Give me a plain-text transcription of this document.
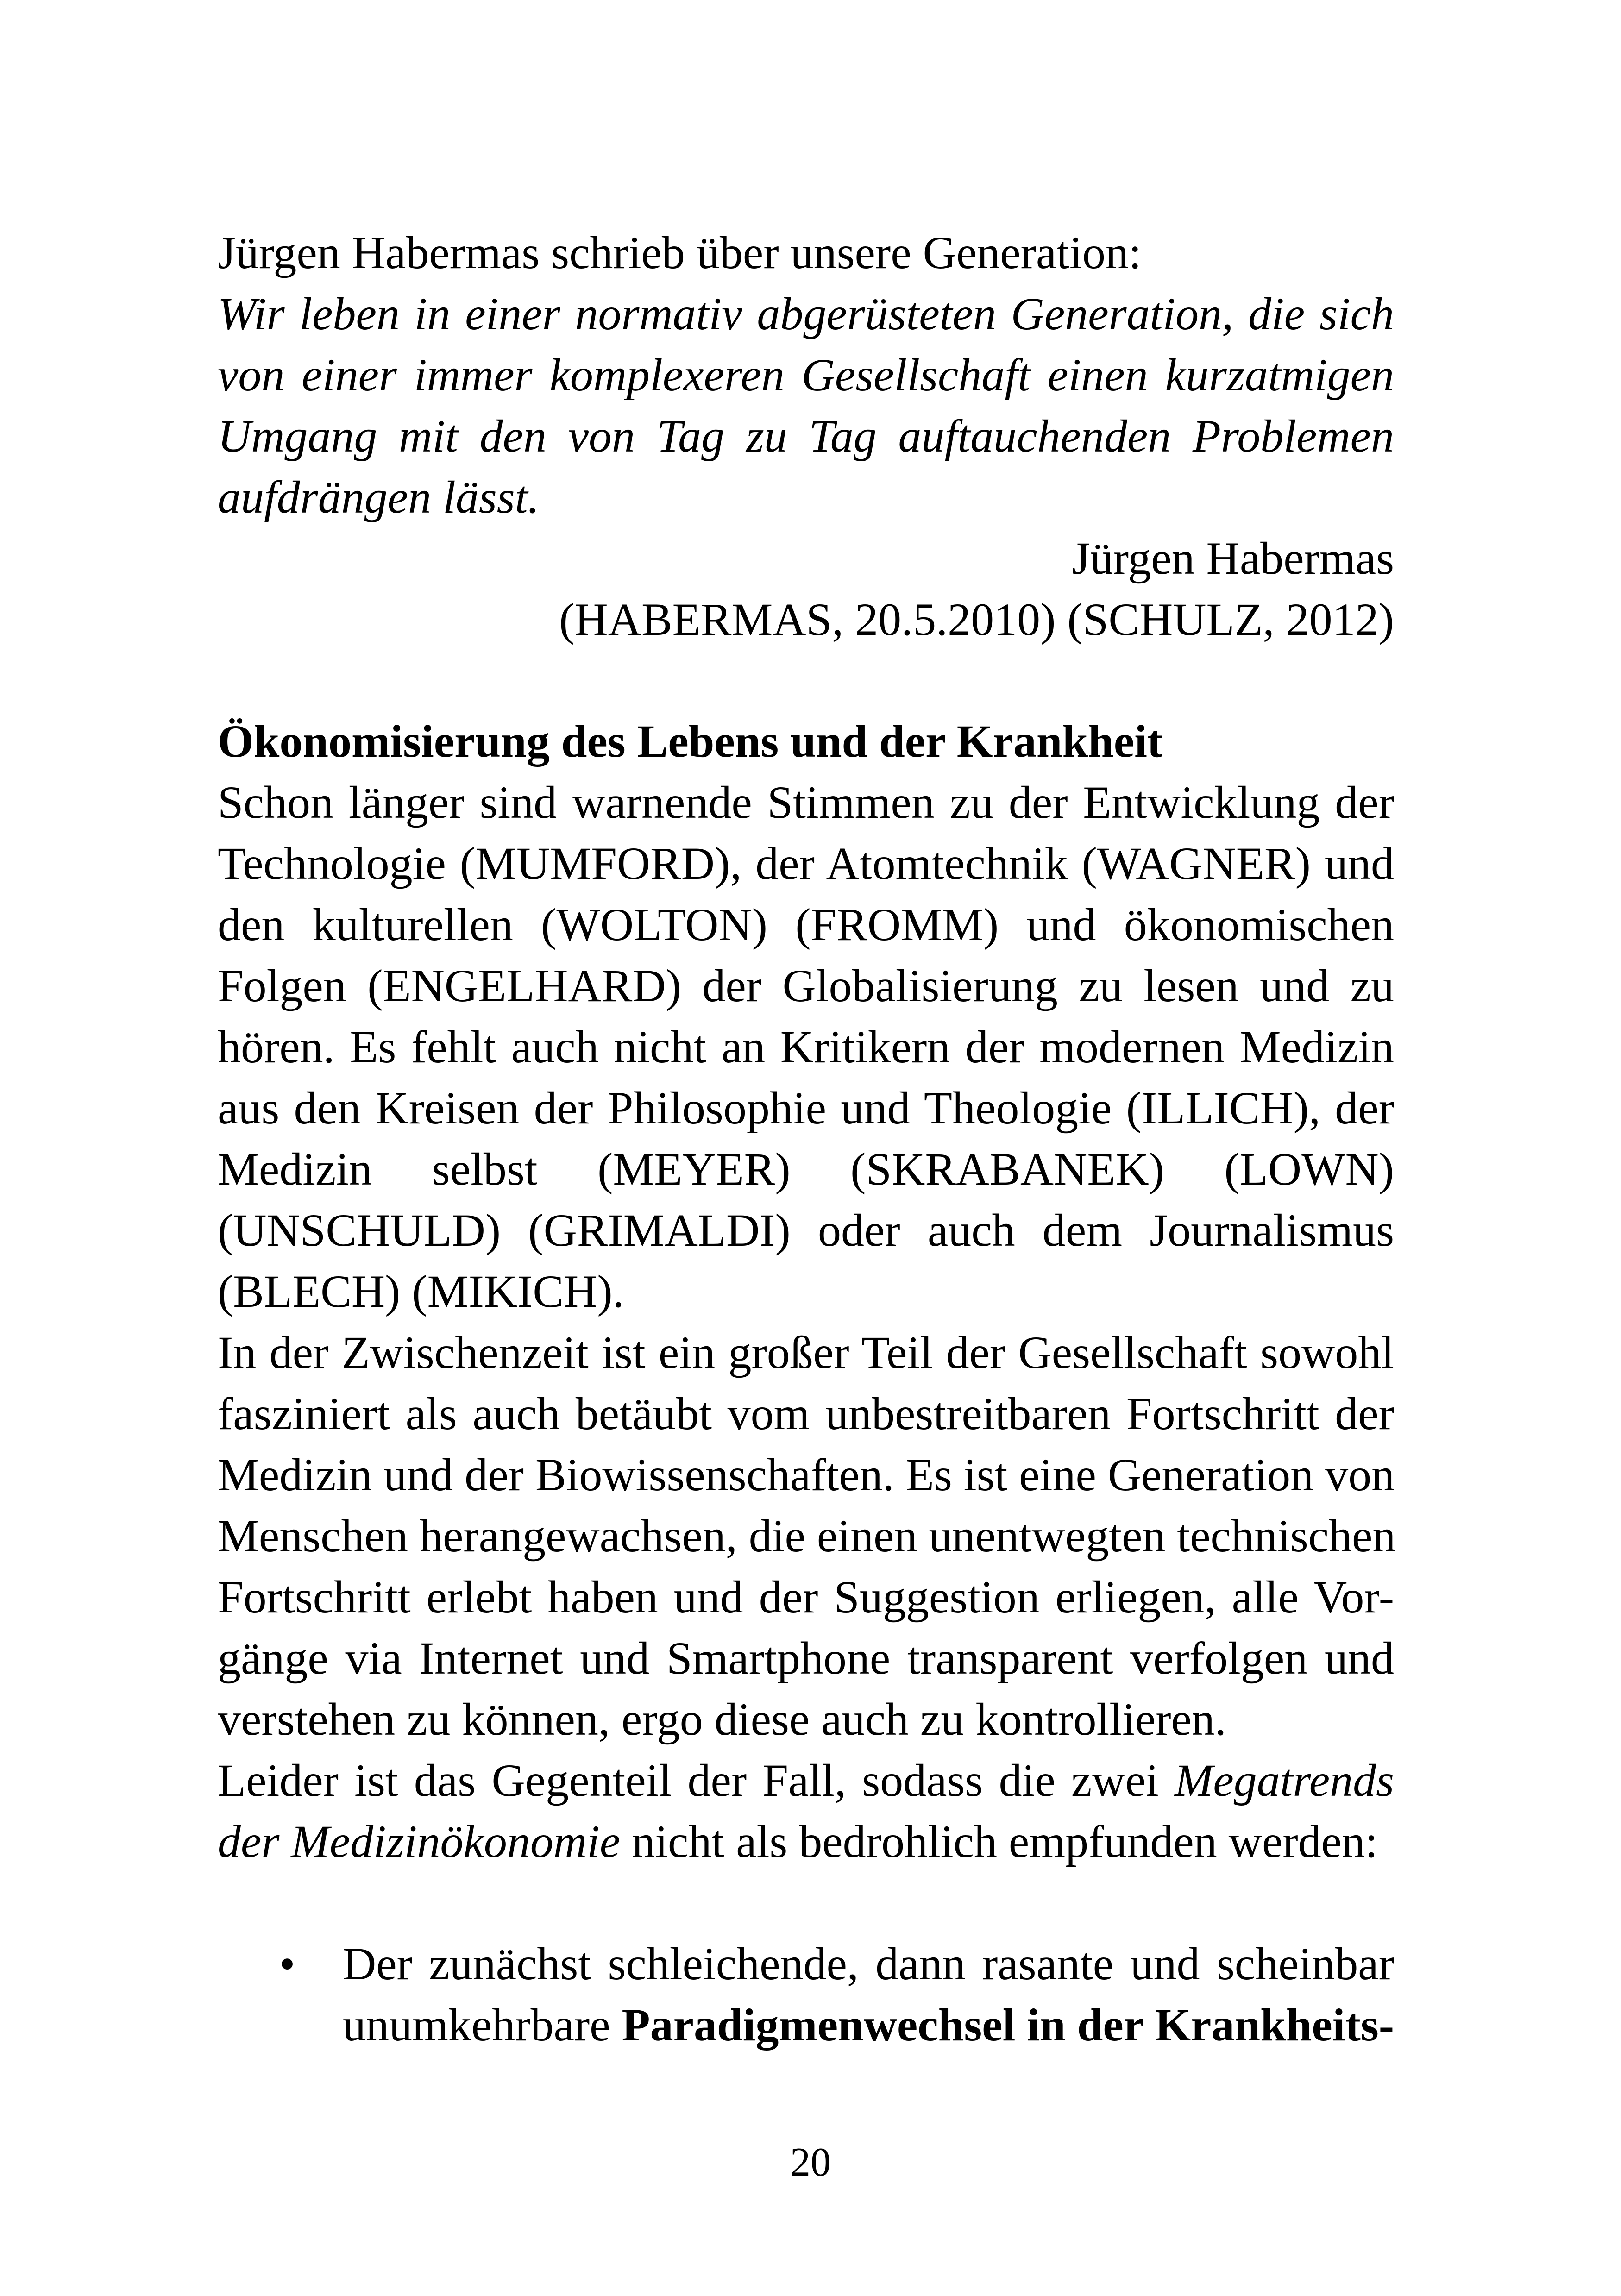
Jürgen Habermas schrieb über unsere Generation:
Wir leben in einer normativ abgerüsteten Generation, die sich
von einer immer komplexeren Gesellschaft einen kurzatmigen
Umgang mit den von Tag zu Tag auftauchenden Problemen
aufdrängen lässt.
Jürgen Habermas
(HABERMAS, 20.5.2010) (SCHULZ, 2012)
Ökonomisierung des Lebens und der Krankheit
Schon länger sind warnende Stimmen zu der Entwicklung der
Technologie (MUMFORD), der Atomtechnik (WAGNER) und
den kulturellen (WOLTON) (FROMM) und ökonomischen
Folgen (ENGELHARD) der Globalisierung zu lesen und zu
hören. Es fehlt auch nicht an Kritikern der modernen Medizin
aus den Kreisen der Philosophie und Theologie (ILLICH), der
Medizin selbst (MEYER) (SKRABANEK) (LOWN)
(UNSCHULD) (GRIMALDI) oder auch dem Journalismus
(BLECH) (MIKICH).
In der Zwischenzeit ist ein großer Teil der Gesellschaft sowohl
fasziniert als auch betäubt vom unbestreitbaren Fortschritt der
Medizin und der Biowissenschaften. Es ist eine Generation von
Menschen herangewachsen, die einen unentwegten technischen
Fortschritt erlebt haben und der Suggestion erliegen, alle Vor-
gänge via Internet und Smartphone transparent verfolgen und
verstehen zu können, ergo diese auch zu kontrollieren.
Leider ist das Gegenteil der Fall, sodass die zwei Megatrends
der Medizinökonomie nicht als bedrohlich empfunden werden:
• Der zunächst schleichende, dann rasante und scheinbar
unumkehrbare Paradigmenwechsel in der Krankheits-
20
